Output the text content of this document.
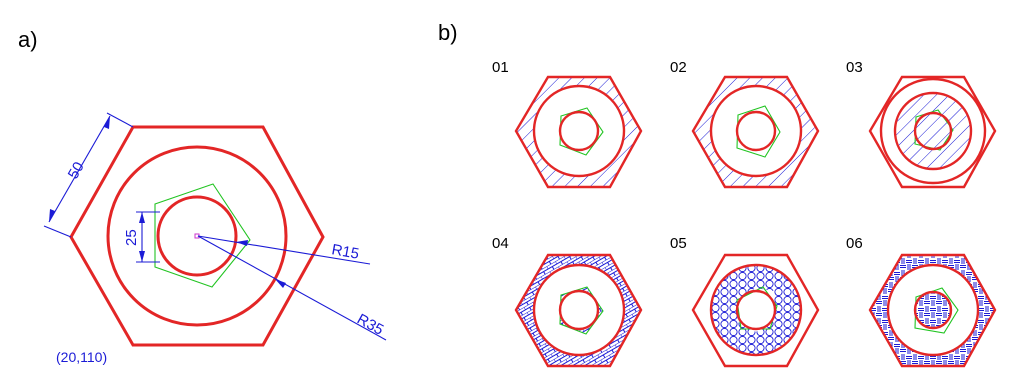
a)
50
25
R15
R35
(20,110)
b)
01	02	03
04	05	06
